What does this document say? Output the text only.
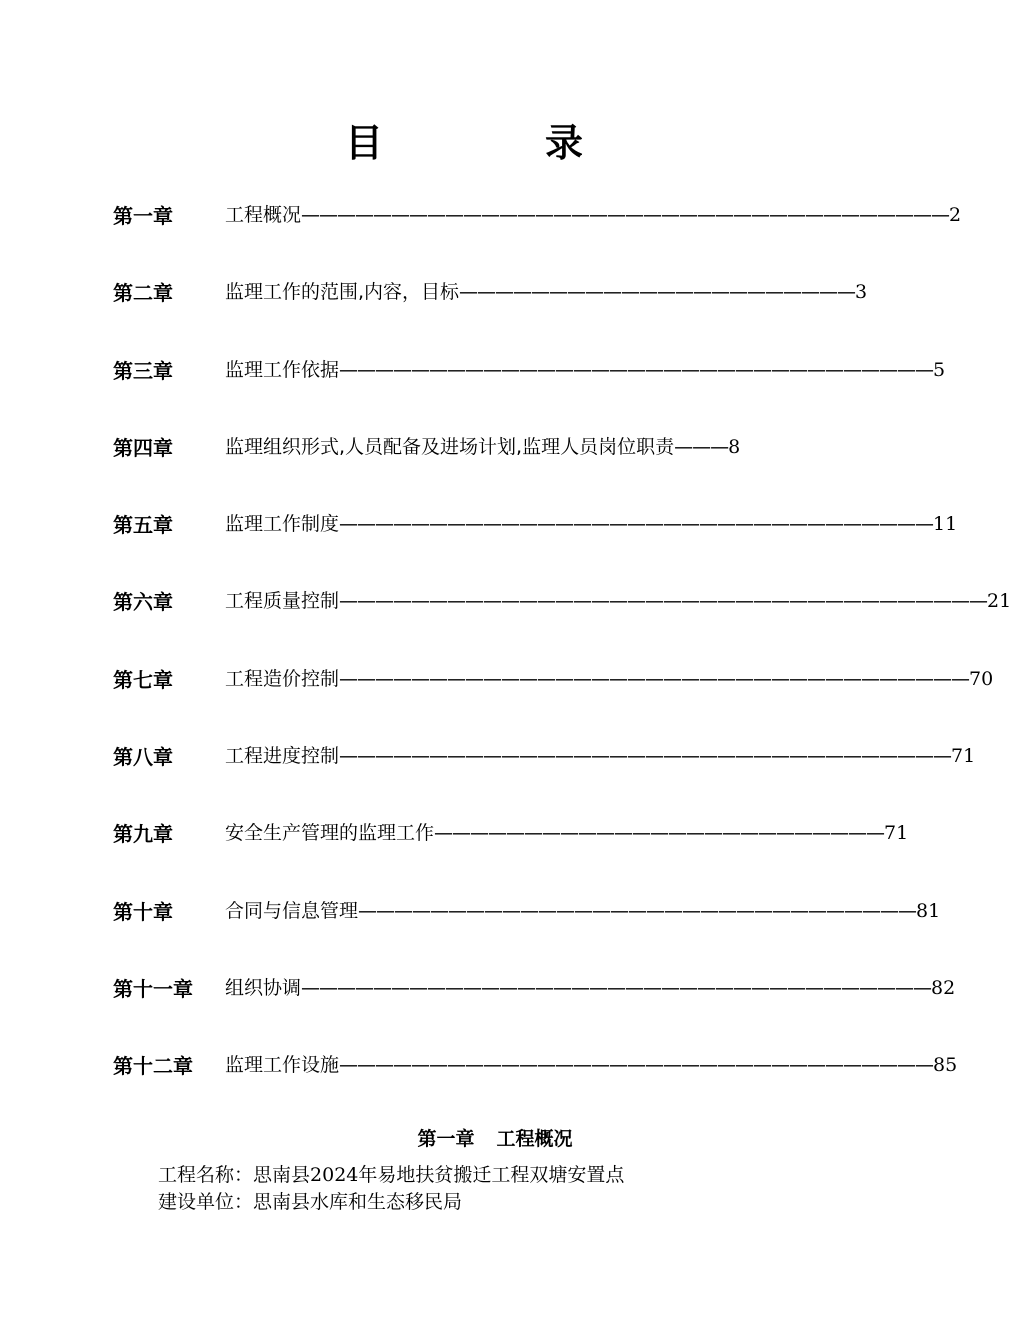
目　录
第一章	工程概况————————————————————————————————————2
第二章	监理工作的范围,内容，目标——————————————————————3
第三章	监理工作依据—————————————————————————————————5
第四章	监理组织形式,人员配备及进场计划,监理人员岗位职责———8
第五章	监理工作制度—————————————————————————————————11
第六章	工程质量控制————————————————————————————————————21
第七章	工程造价控制———————————————————————————————————70
第八章	工程进度控制——————————————————————————————————71
第九章	安全生产管理的监理工作—————————————————————————71
第十章	合同与信息管理———————————————————————————————81
第十一章 组织协调———————————————————————————————————82
第十二章 监理工作设施—————————————————————————————————85
第一章 工程概况
工程名称：思南县2024年易地扶贫搬迁工程双塘安置点
建设单位：思南县水库和生态移民局
